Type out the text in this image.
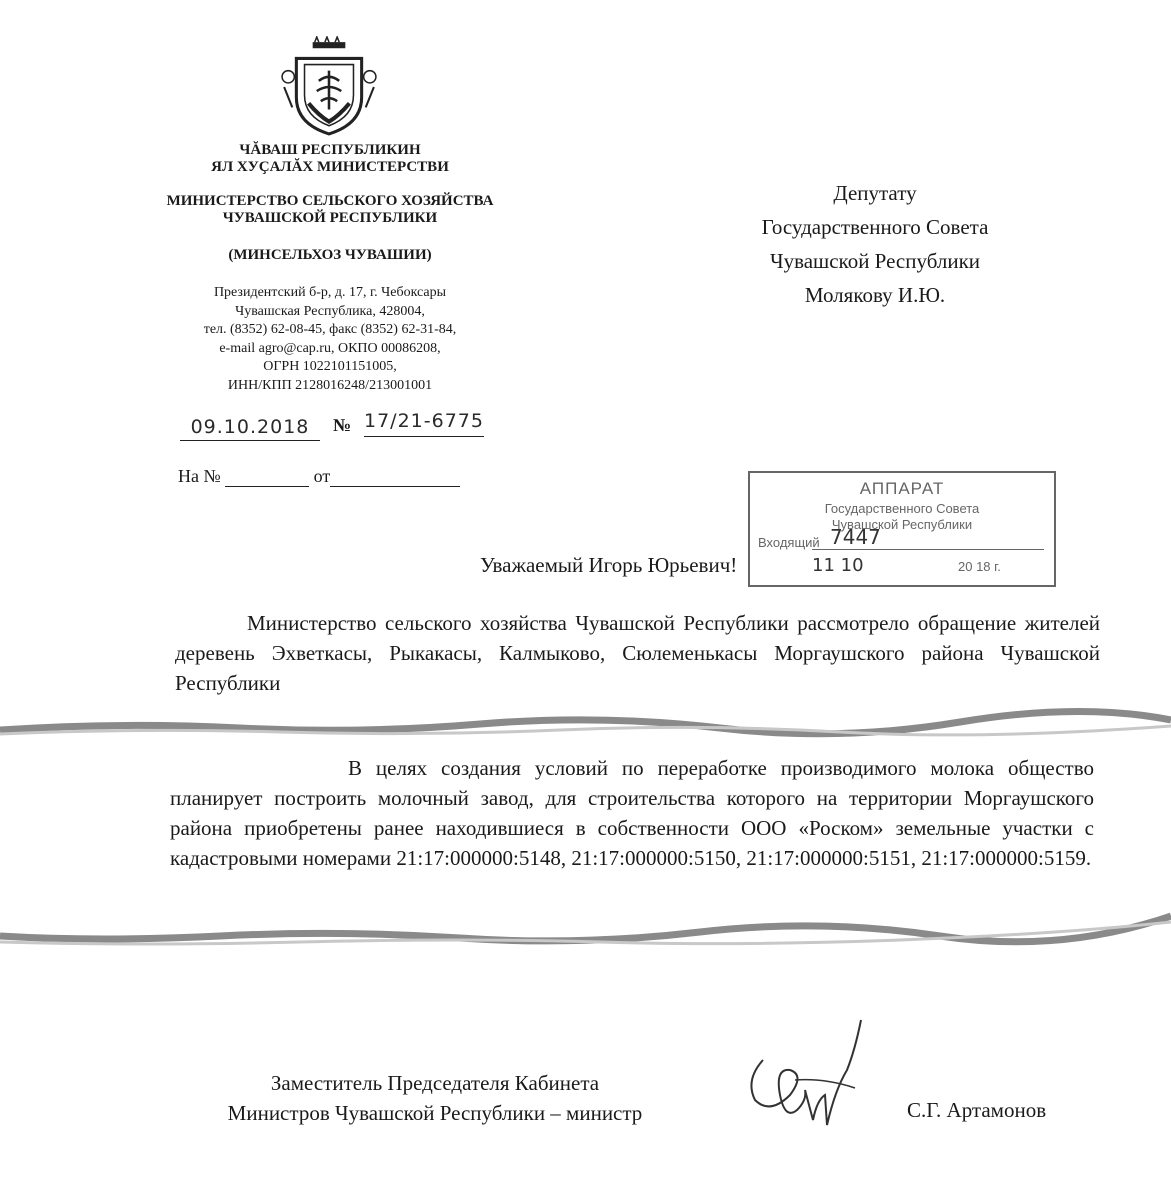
ЧĂВАШ РЕСПУБЛИКИН
ЯЛ ХУҪАЛĂХ МИНИСТЕРСТВИ
МИНИСТЕРСТВО СЕЛЬСКОГО ХОЗЯЙСТВА
ЧУВАШСКОЙ РЕСПУБЛИКИ
(МИНСЕЛЬХОЗ ЧУВАШИИ)
Президентский б-р, д. 17, г. Чебоксары
Чувашская Республика, 428004,
тел. (8352) 62-08-45, факс (8352) 62-31-84,
e-mail agro@cap.ru, ОКПО 00086208,
ОГРН 1022101151005,
ИНН/КПП 2128016248/213001001
09.10.2018	№ 17/21-6775
На №	от
Депутату
Государственного Совета
Чувашской Республики
Молякову И.Ю.
АППАРАТ
Государственного Совета
Чувашской Республики
Входящий 7447
11 10	20 18 г.
Уважаемый Игорь Юрьевич!
Министерство сельского хозяйства Чувашской Республики рассмотрело обращение жителей деревень Эхветкасы, Рыкакасы, Калмыково, Сюлеменькасы Моргаушского района Чувашской Республики
В целях создания условий по переработке производимого молока общество планирует построить молочный завод, для строительства которого на территории Моргаушского района приобретены ранее находившиеся в собственности ООО «Роском» земельные участки с кадастровыми номерами 21:17:000000:5148, 21:17:000000:5150, 21:17:000000:5151, 21:17:000000:5159.
Заместитель Председателя Кабинета
Министров Чувашской Республики – министр	С.Г. Артамонов
